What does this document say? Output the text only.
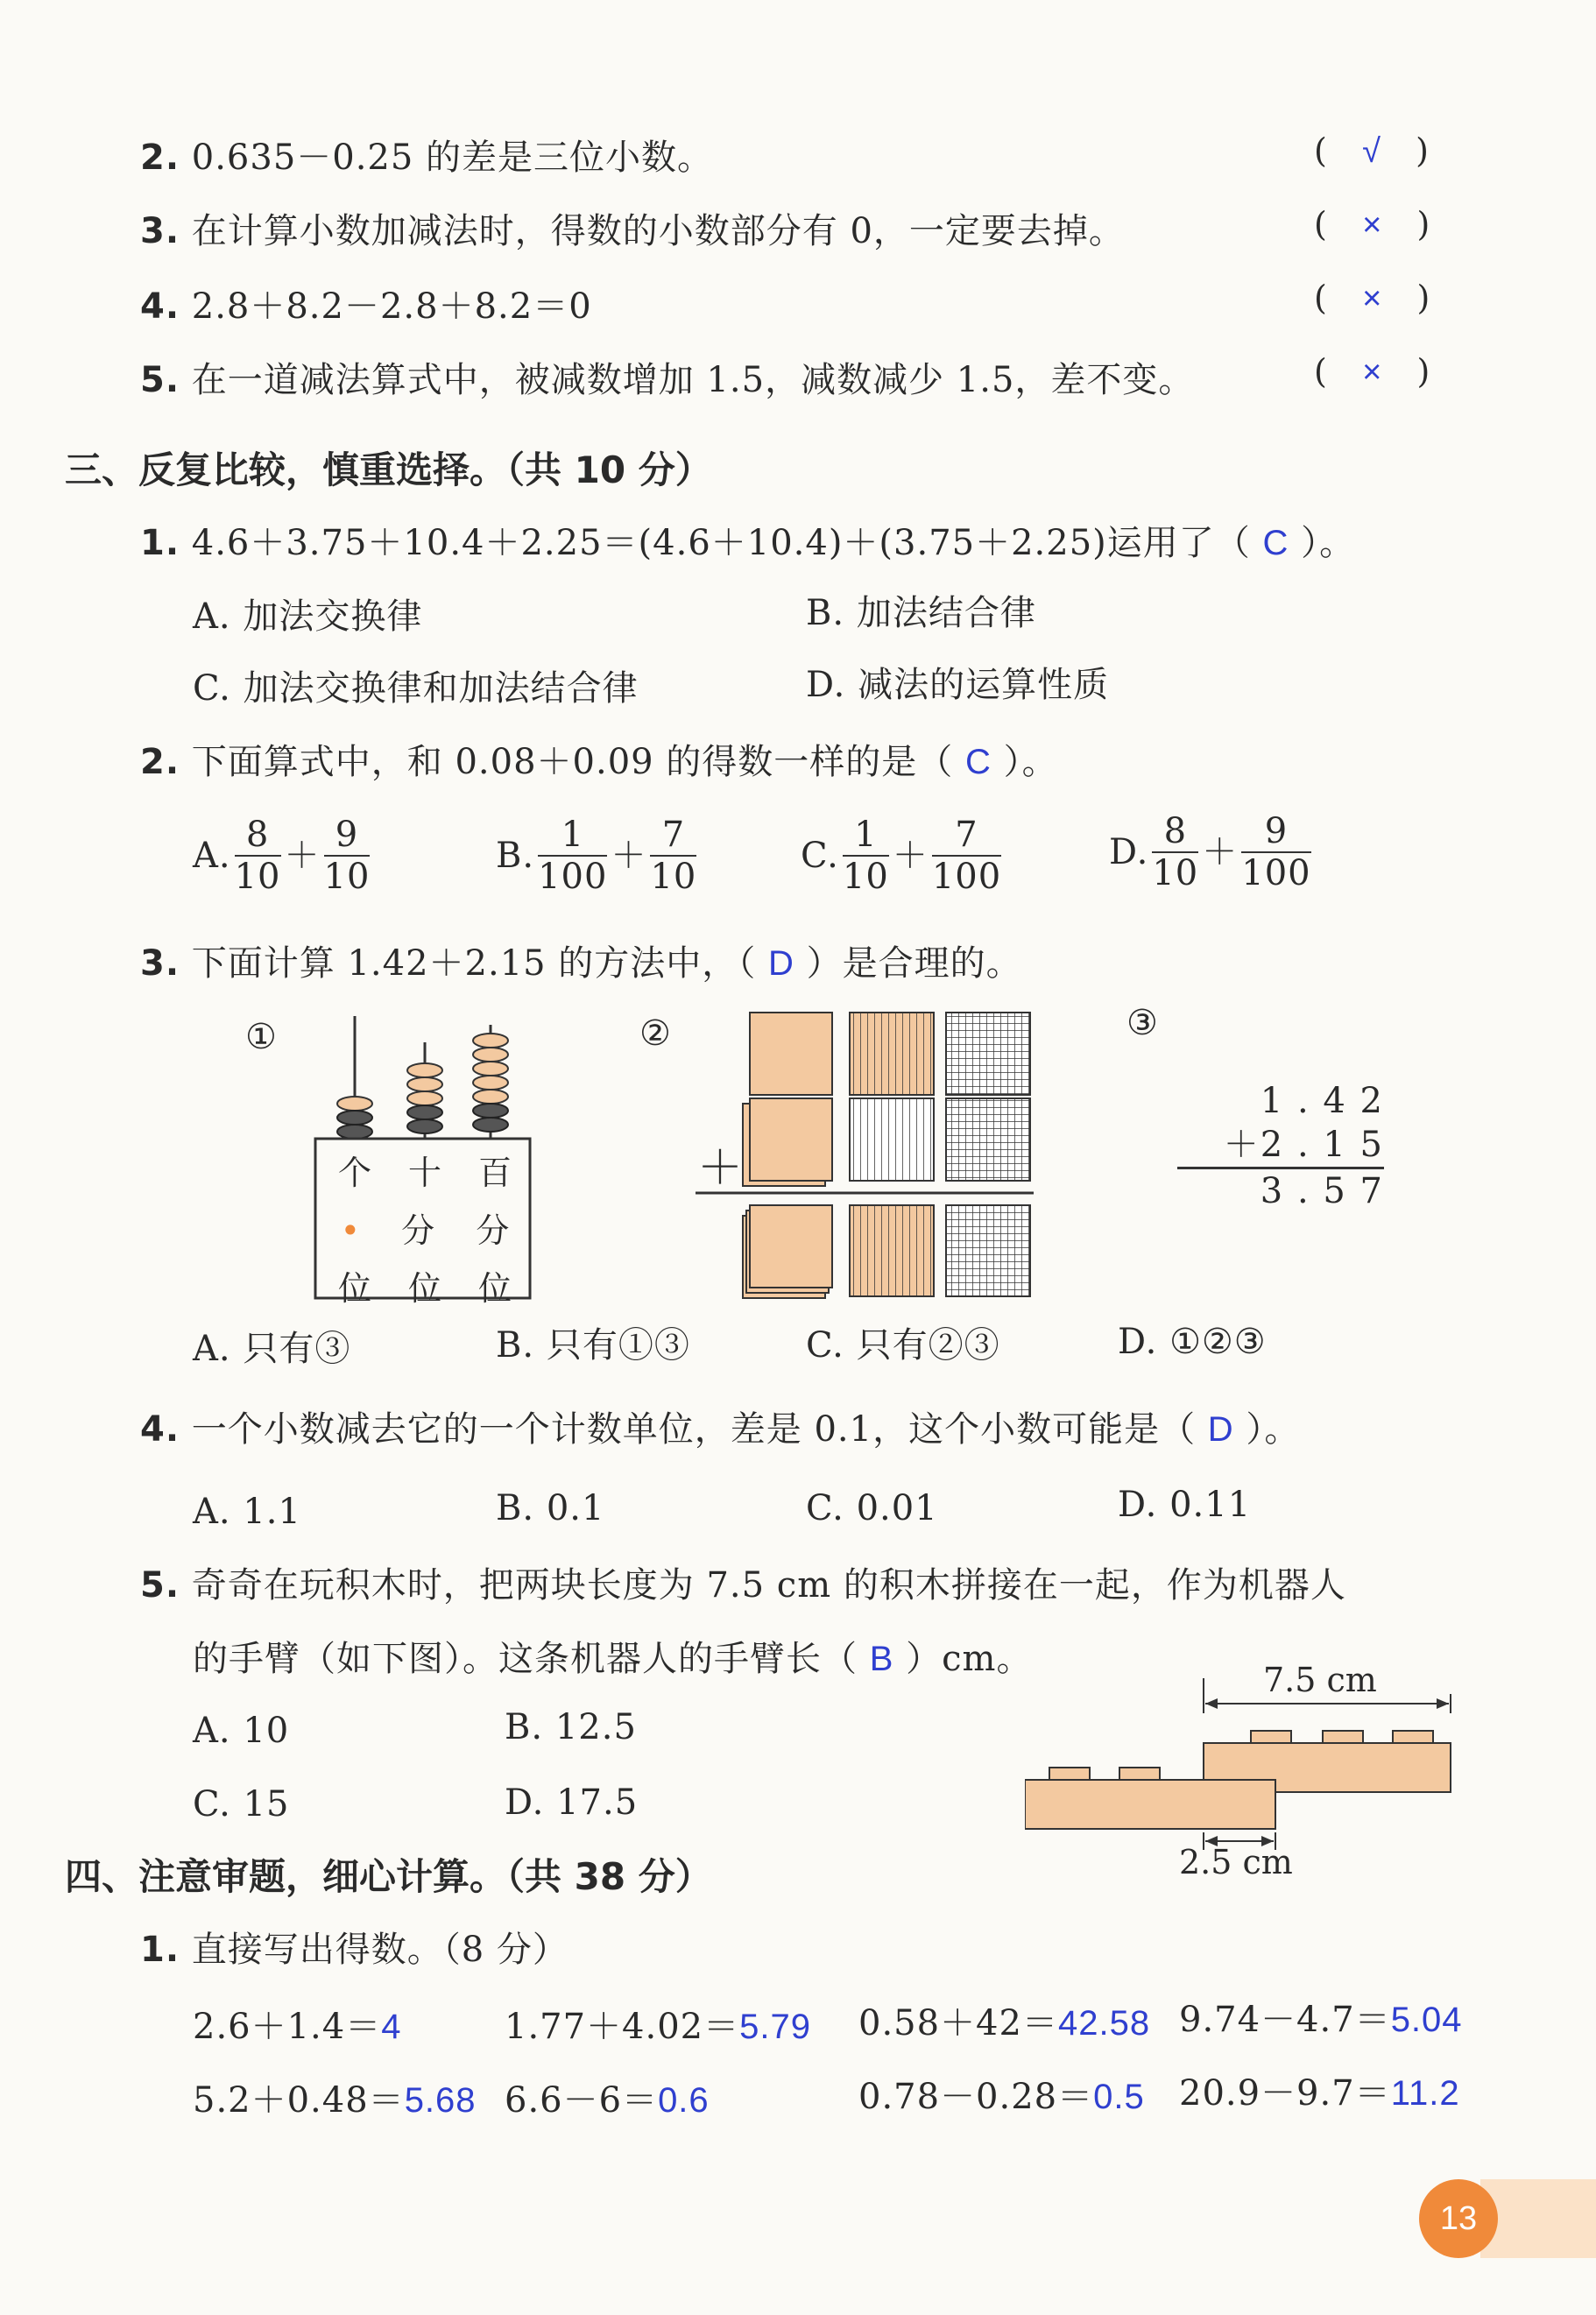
2. 0.635－0.25 的差是三位小数。	(   √   )
3. 在计算小数加减法时，得数的小数部分有 0，一定要去掉。	(   ×   )
4. 2.8＋8.2－2.8＋8.2＝0	(   ×   )
5. 在一道减法算式中，被减数增加 1.5，减数减少 1.5，差不变。	(   ×   )
三、反复比较，慎重选择。（共 10 分）
1. 4.6＋3.75＋10.4＋2.25＝(4.6＋10.4)＋(3.75＋2.25)运用了（ C ）。
A. 加法交换律	B. 加法结合律
C. 加法交换律和加法结合律	D. 减法的运算性质
2. 下面算式中，和 0.08＋0.09 的得数一样的是（ C ）。
A. $\frac{8}{10} + \frac{9}{10}$	B. $\frac{1}{100} + \frac{7}{10}$	C. $\frac{1}{10} + \frac{7}{100}$	D. $\frac{8}{10} + \frac{9}{100}$
3. 下面计算 1.42＋2.15 的方法中，（ D ）是合理的。
①
个 十 百
• 分 分
位 位 位
②
＋
③
1 . 4 2
＋2 . 1 5
3 . 5 7
A. 只有③	B. 只有①③	C. 只有②③	D. ①②③
4. 一个小数减去它的一个计数单位，差是 0.1，这个小数可能是（ D ）。
A. 1.1	B. 0.1	C. 0.01	D. 0.11
5. 奇奇在玩积木时，把两块长度为 7.5 cm 的积木拼接在一起，作为机器人
的手臂（如下图）。这条机器人的手臂长（ B ）cm。
A. 10	B. 12.5
C. 15	D. 17.5
7.5 cm
2.5 cm
四、注意审题，细心计算。（共 38 分）
1. 直接写出得数。（8 分）
2.6＋1.4＝4	1.77＋4.02＝5.79 0.58＋42＝42.58 9.74－4.7＝5.04
5.2＋0.48＝5.68 6.6－6＝0.6	0.78－0.28＝0.5 20.9－9.7＝11.2
13
